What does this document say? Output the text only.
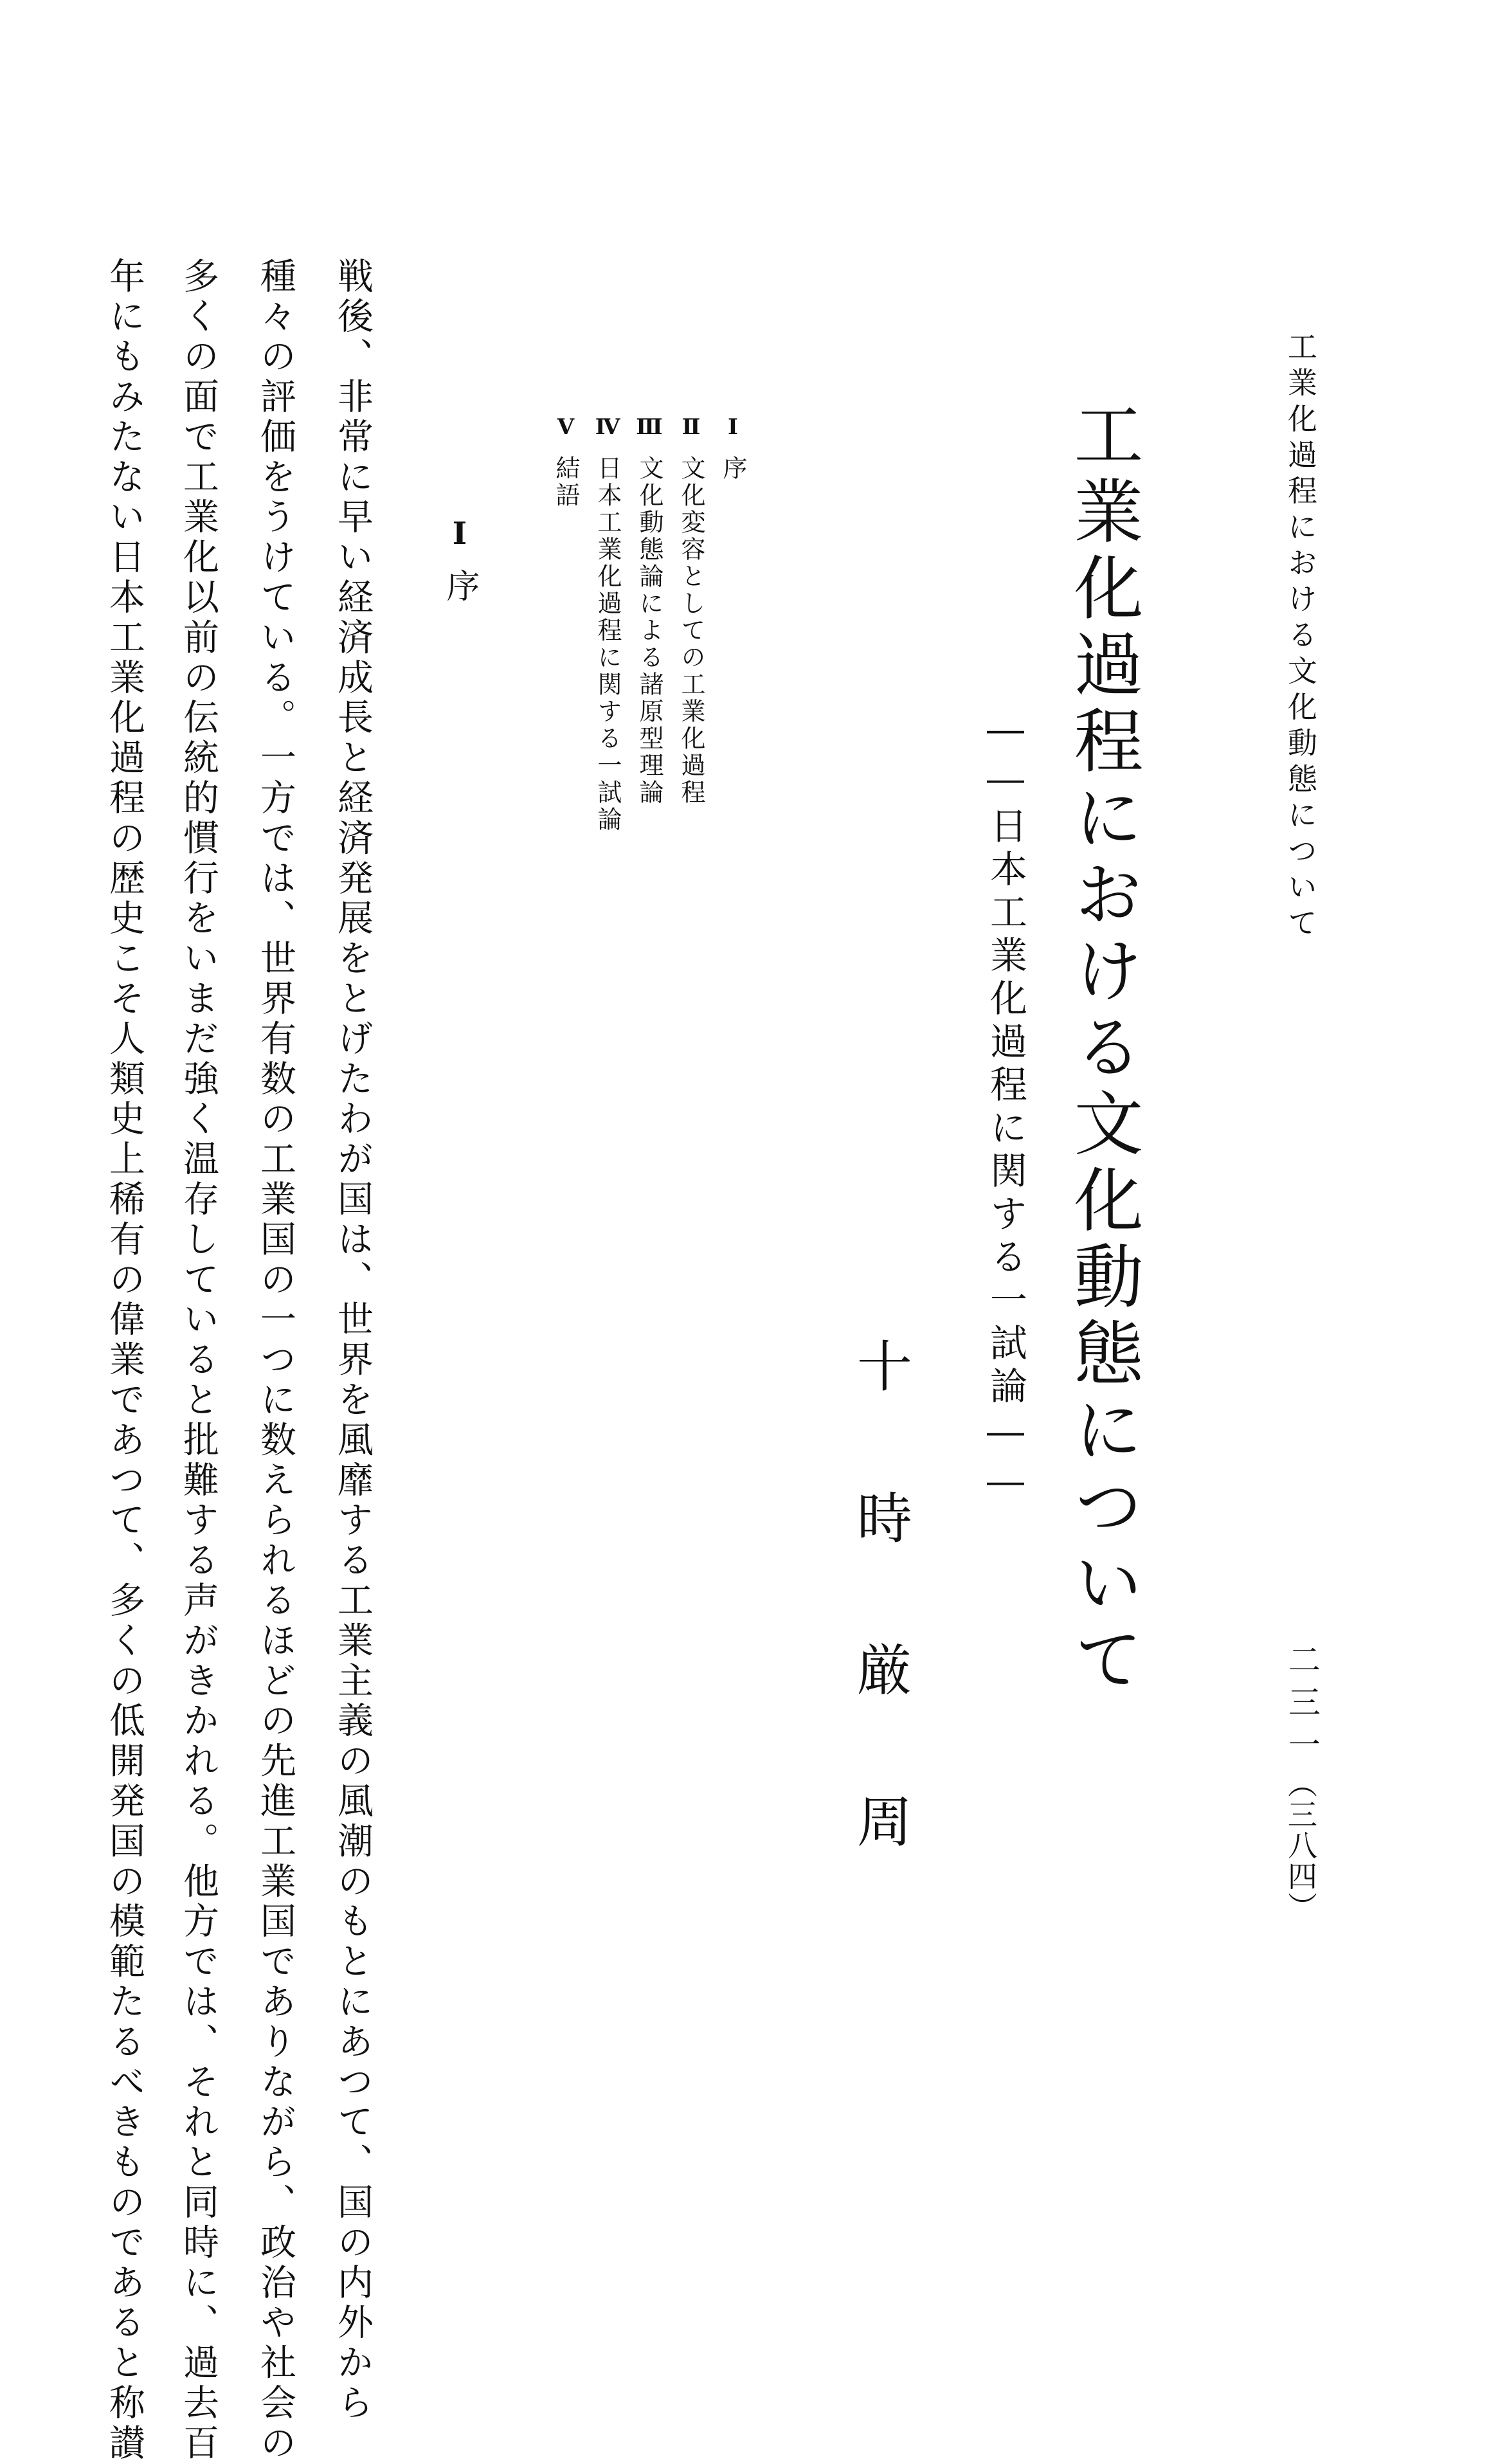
工業化過程における文化動態について
二三一
（三八四）
工業化過程における文化動態について
――日本工業化過程に関する一試論――
十時厳周
Ⅰ
序
Ⅱ
文化変容としての工業化過程
Ⅲ
文化動態論による諸原型理論
Ⅳ
日本工業化過程に関する一試論
Ⅴ
結語
Ⅰ
序
戦後、非常に早い経済成長と経済発展をとげたわが国は、世界を風靡する工業主義の風潮のもとにあつて、国の内外から
種々の評価をうけている。一方では、世界有数の工業国の一つに数えられるほどの先進工業国でありながら、政治や社会の
多くの面で工業化以前の伝統的慣行をいまだ強く温存していると批難する声がきかれる。他方では、それと同時に、過去百
年にもみたない日本工業化過程の歴史こそ人類史上稀有の偉業であつて、多くの低開発国の模範たるべきものであると称讃
